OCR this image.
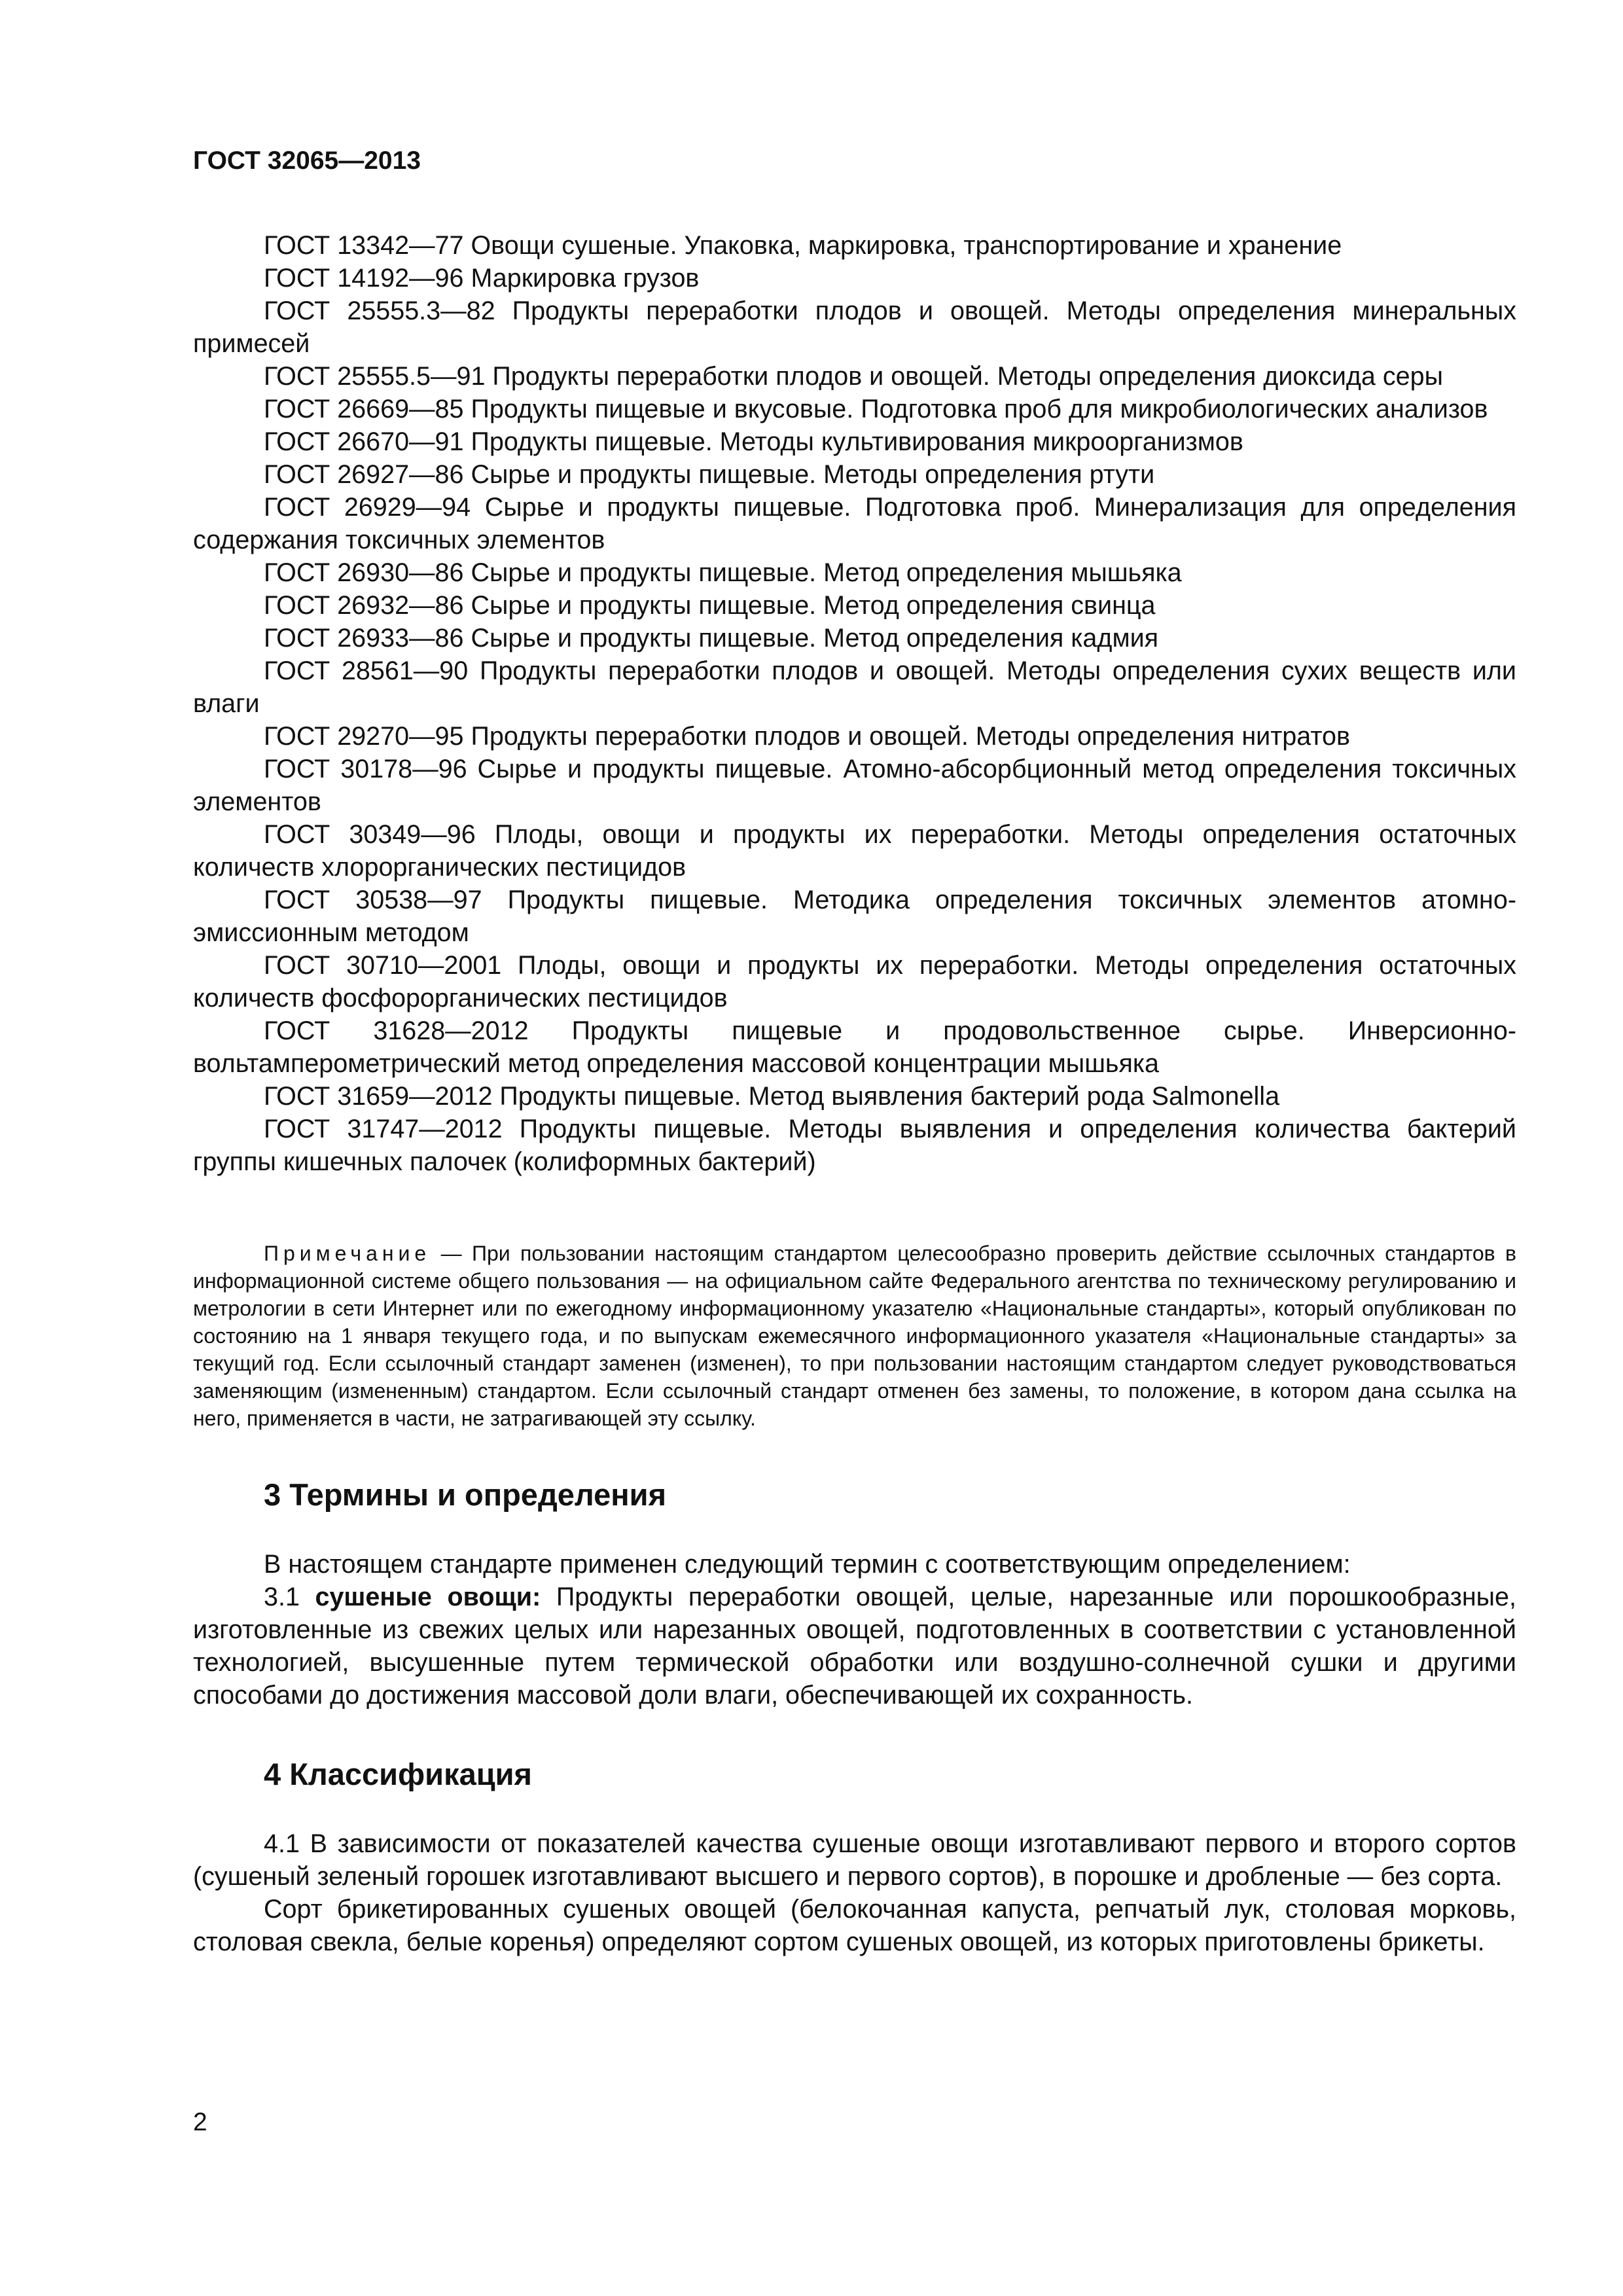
ГОСТ 32065—2013

ГОСТ 13342—77 Овощи сушеные. Упаковка, маркировка, транспортирование и хранение

ГОСТ 14192—96 Маркировка грузов

ГОСТ 25555.3—82 Продукты переработки плодов и овощей. Методы определения минеральных примесей

ГОСТ 25555.5—91 Продукты переработки плодов и овощей. Методы определения диоксида серы

ГОСТ 26669—85 Продукты пищевые и вкусовые. Подготовка проб для микробиологических анализов

ГОСТ 26670—91 Продукты пищевые. Методы культивирования микроорганизмов

ГОСТ 26927—86 Сырье и продукты пищевые. Методы определения ртути

ГОСТ 26929—94 Сырье и продукты пищевые. Подготовка проб. Минерализация для определения содержания токсичных элементов

ГОСТ 26930—86 Сырье и продукты пищевые. Метод определения мышьяка

ГОСТ 26932—86 Сырье и продукты пищевые. Метод определения свинца

ГОСТ 26933—86 Сырье и продукты пищевые. Метод определения кадмия

ГОСТ 28561—90 Продукты переработки плодов и овощей. Методы определения сухих веществ или влаги

ГОСТ 29270—95 Продукты переработки плодов и овощей. Методы определения нитратов

ГОСТ 30178—96 Сырье и продукты пищевые. Атомно-абсорбционный метод определения токсичных элементов

ГОСТ 30349—96 Плоды, овощи и продукты их переработки. Методы определения остаточных количеств хлорорганических пестицидов

ГОСТ 30538—97 Продукты пищевые. Методика определения токсичных элементов атомно-эмиссионным методом

ГОСТ 30710—2001 Плоды, овощи и продукты их переработки. Методы определения остаточных количеств фосфорорганических пестицидов

ГОСТ 31628—2012 Продукты пищевые и продовольственное сырье. Инверсионно-вольтамперометрический метод определения массовой концентрации мышьяка

ГОСТ 31659—2012 Продукты пищевые. Метод выявления бактерий рода Salmonella

ГОСТ 31747—2012 Продукты пищевые. Методы выявления и определения количества бактерий группы кишечных палочек (колиформных бактерий)

Примечание — При пользовании настоящим стандартом целесообразно проверить действие ссылочных стандартов в информационной системе общего пользования — на официальном сайте Федерального агентства по техническому регулированию и метрологии в сети Интернет или по ежегодному информационному указателю «Национальные стандарты», который опубликован по состоянию на 1 января текущего года, и по выпускам ежемесячного информационного указателя «Национальные стандарты» за текущий год. Если ссылочный стандарт заменен (изменен), то при пользовании настоящим стандартом следует руководствоваться заменяющим (измененным) стандартом. Если ссылочный стандарт отменен без замены, то положение, в котором дана ссылка на него, применяется в части, не затрагивающей эту ссылку.

3 Термины и определения

В настоящем стандарте применен следующий термин с соответствующим определением:

3.1 сушеные овощи: Продукты переработки овощей, целые, нарезанные или порошкообразные, изготовленные из свежих целых или нарезанных овощей, подготовленных в соответствии с установленной технологией, высушенные путем термической обработки или воздушно-солнечной сушки и другими способами до достижения массовой доли влаги, обеспечивающей их сохранность.

4 Классификация

4.1 В зависимости от показателей качества сушеные овощи изготавливают первого и второго сортов (сушеный зеленый горошек изготавливают высшего и первого сортов), в порошке и дробленые — без сорта.

Сорт брикетированных сушеных овощей (белокочанная капуста, репчатый лук, столовая морковь, столовая свекла, белые коренья) определяют сортом сушеных овощей, из которых приготовлены брикеты.

2
